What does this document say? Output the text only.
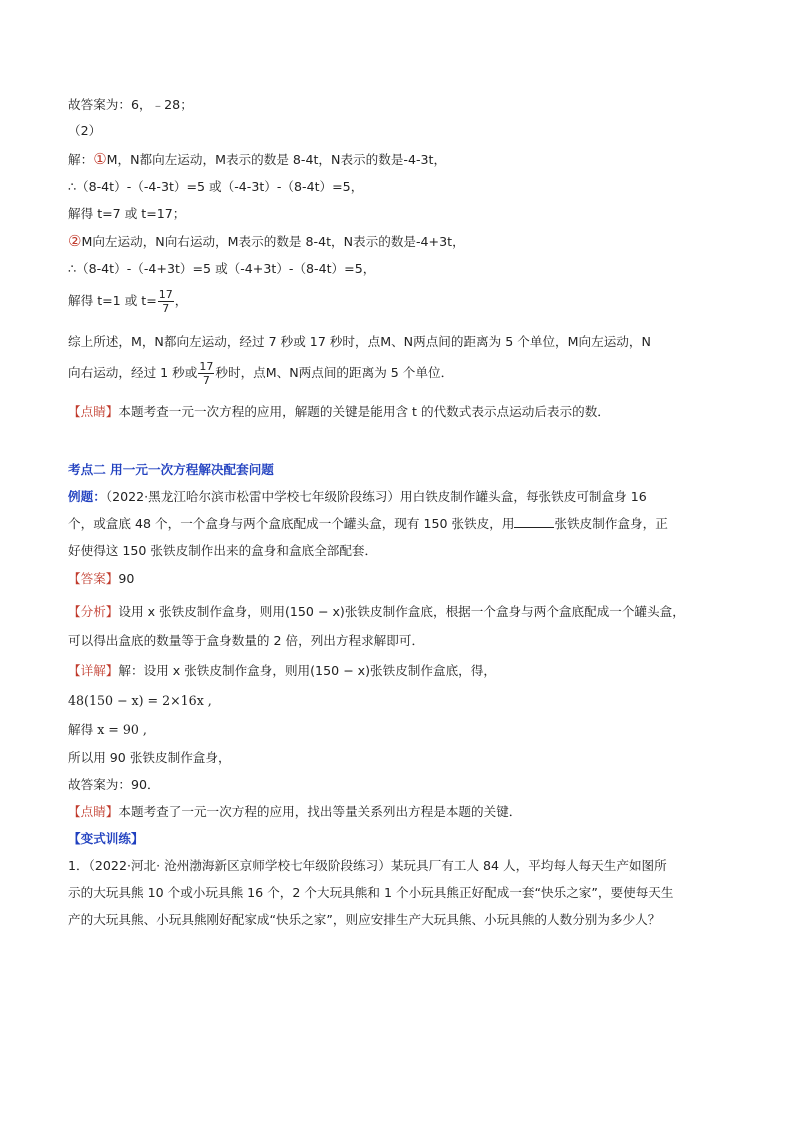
故答案为：6，﹣28；
（2）
解：①M，N都向左运动，M表示的数是 8-4t，N表示的数是-4-3t，
∴（8-4t）-（-4-3t）=5 或（-4-3t）-（8-4t）=5，
解得 t=7 或 t=17；
②M向左运动，N向右运动，M表示的数是 8-4t，N表示的数是-4+3t，
∴（8-4t）-（-4+3t）=5 或（-4+3t）-（8-4t）=5，
解得 t=1 或 $t= \frac{17}{7}$ ，
综上所述，M，N都向左运动，经过 7 秒或 17 秒时，点M、N两点间的距离为 5 个单位，M向左运动，N
向右运动，经过 1 秒或 $\frac{17}{7}$ 秒时，点M、N两点间的距离为 5 个单位．
【点睛】本题考查一元一次方程的应用，解题的关键是能用含 t 的代数式表示点运动后表示的数．
考点二 用一元一次方程解决配套问题
例题：（2022·黑龙江哈尔滨市松雷中学校七年级阶段练习）用白铁皮制作罐头盒，每张铁皮可制盒身 16
个，或盒底 48 个，一个盒身与两个盒底配成一个罐头盒，现有 150 张铁皮，用	张铁皮制作盒身，正
好使得这 150 张铁皮制作出来的盒身和盒底全部配套．
【答案】90
【分析】设用 x 张铁皮制作盒身，则用(150 − x)张铁皮制作盒底，根据一个盒身与两个盒底配成一个罐头盒，
可以得出盒底的数量等于盒身数量的 2 倍，列出方程求解即可．
【详解】解：设用 x 张铁皮制作盒身，则用(150 − x)张铁皮制作盒底，得，
48(150 − x) = 2×16x ,
解得 x = 90 ,
所以用 90 张铁皮制作盒身，
故答案为：90．
【点睛】本题考查了一元一次方程的应用，找出等量关系列出方程是本题的关键．
【变式训练】
1．（2022·河北· 沧州渤海新区京师学校七年级阶段练习）某玩具厂有工人 84 人，平均每人每天生产如图所
示的大玩具熊 10 个或小玩具熊 16 个，2 个大玩具熊和 1 个小玩具熊正好配成一套“快乐之家”，要使每天生
产的大玩具熊、小玩具熊刚好配家成“快乐之家”，则应安排生产大玩具熊、小玩具熊的人数分别为多少人？
